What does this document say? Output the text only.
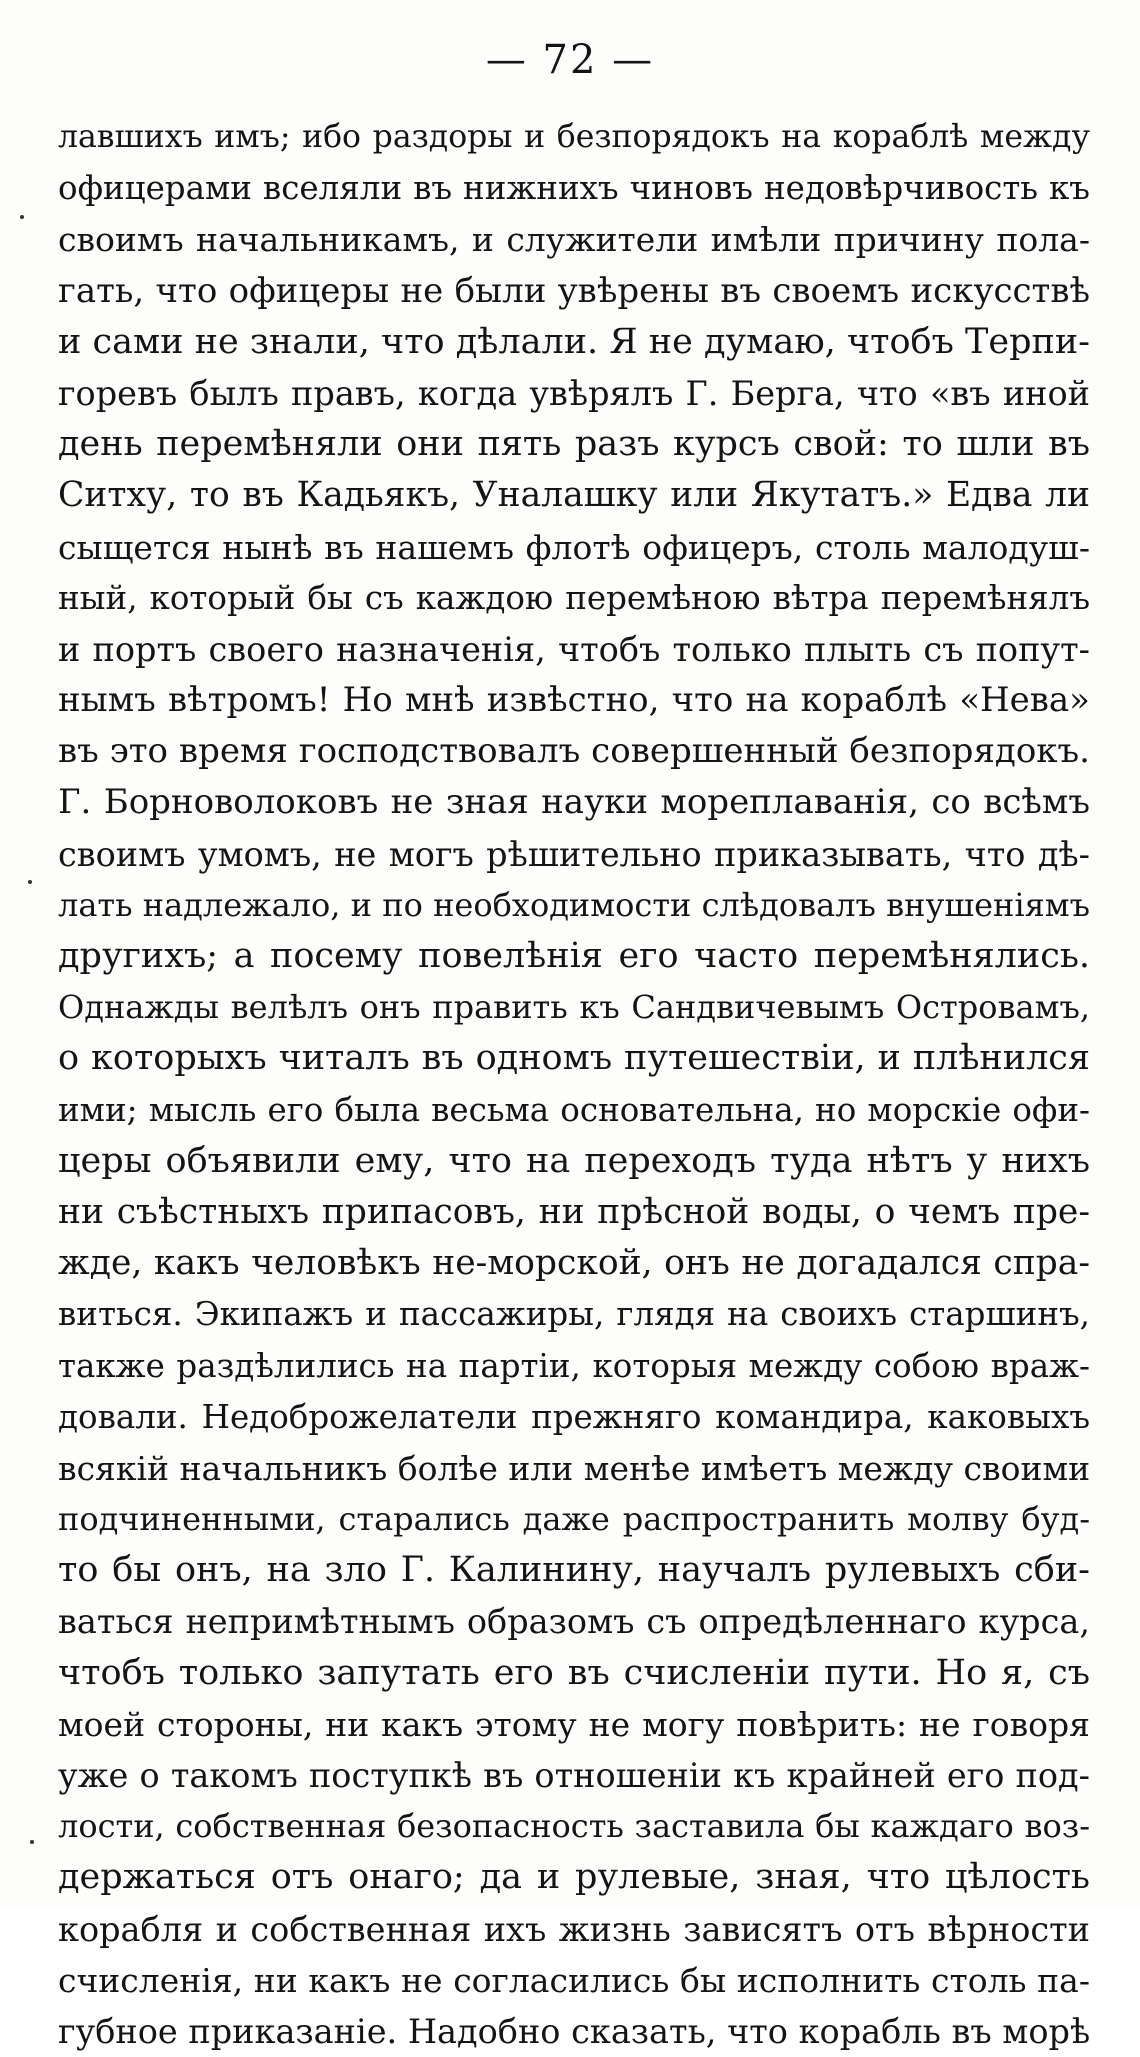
— 72 —
лавшихъ имъ; ибо раздоры и безпорядокъ на кораблѣ между
офицерами вселяли въ нижнихъ чиновъ недовѣрчивость къ
своимъ начальникамъ, и служители имѣли причину пола-
гать, что офицеры не были увѣрены въ своемъ искусствѣ
и сами не знали, что дѣлали. Я не думаю, чтобъ Терпи-
горевъ былъ правъ, когда увѣрялъ Г. Берга, что «въ иной
день перемѣняли они пять разъ курсъ свой: то шли въ
Ситху, то въ Кадьякъ, Уналашку или Якутатъ.» Едва ли
сыщется нынѣ въ нашемъ флотѣ офицеръ, столь малодуш-
ный, который бы съ каждою перемѣною вѣтра перемѣнялъ
и портъ своего назначенія, чтобъ только плыть съ попут-
нымъ вѣтромъ! Но мнѣ извѣстно, что на кораблѣ «Нева»
въ это время господствовалъ совершенный безпорядокъ.
Г. Борноволоковъ не зная науки мореплаванія, со всѣмъ
своимъ умомъ, не могъ рѣшительно приказывать, что дѣ-
лать надлежало, и по необходимости слѣдовалъ внушеніямъ
другихъ; а посему повелѣнія его часто перемѣнялись.
Однажды велѣлъ онъ править къ Сандвичевымъ Островамъ,
о которыхъ читалъ въ одномъ путешествіи, и плѣнился
ими; мысль его была весьма основательна, но морскіе офи-
церы объявили ему, что на переходъ туда нѣтъ у нихъ
ни съѣстныхъ припасовъ, ни прѣсной воды, о чемъ пре-
жде, какъ человѣкъ не-морской, онъ не догадался спра-
виться. Экипажъ и пассажиры, глядя на своихъ старшинъ,
также раздѣлились на партіи, которыя между собою враж-
довали. Недоброжелатели прежняго командира, каковыхъ
всякій начальникъ болѣе или менѣе имѣетъ между своими
подчиненными, старались даже распространить молву буд-
то бы онъ, на зло Г. Калинину, научалъ рулевыхъ сби-
ваться непримѣтнымъ образомъ съ опредѣленнаго курса,
чтобъ только запутать его въ счисленіи пути. Но я, съ
моей стороны, ни какъ этому не могу повѣрить: не говоря
уже о такомъ поступкѣ въ отношеніи къ крайней его под-
лости, собственная безопасность заставила бы каждаго воз-
держаться отъ онаго; да и рулевые, зная, что цѣлость
корабля и собственная ихъ жизнь зависятъ отъ вѣрности
счисленія, ни какъ не согласились бы исполнить столь па-
губное приказаніе. Надобно сказать, что корабль въ морѣ
